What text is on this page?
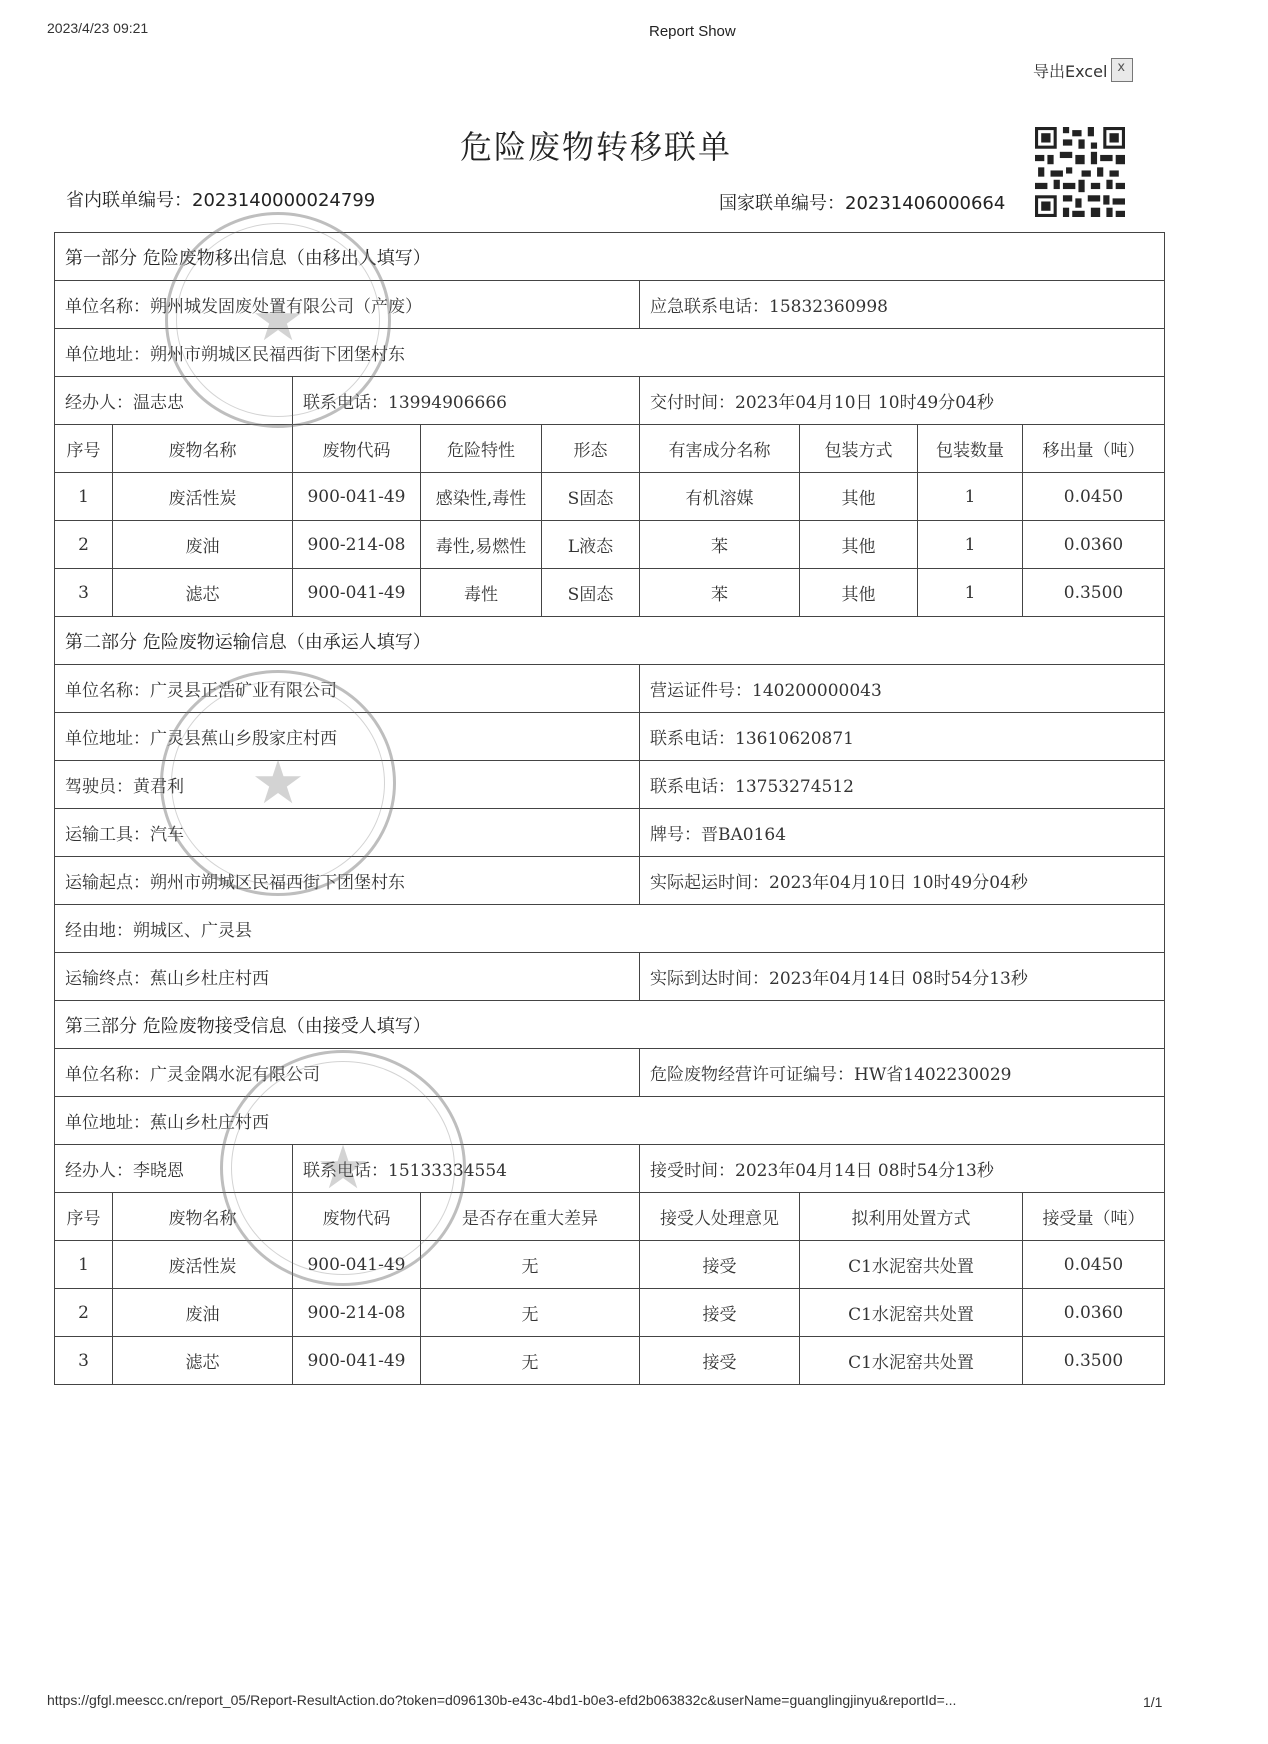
2023/4/23 09:21	Report Show
导出Excel
x
危险废物转移联单
省内联单编号：2023140000024799	国家联单编号：20231406000664
第一部分 危险废物移出信息（由移出人填写）								
单位名称：朔州城发固废处置有限公司（产废）					应急联系电话：15832360998			
单位地址：朔州市朔城区民福西街下团堡村东								
经办人：温志忠		联系电话：13994906666			交付时间：2023年04月10日 10时49分04秒			
序号	废物名称	废物代码	危险特性	形态	有害成分名称	包装方式	包装数量	移出量（吨）
1	废活性炭	900-041-49	感染性,毒性	S固态	有机溶媒	其他	1	0.0450
2	废油	900-214-08	毒性,易燃性	L液态	苯	其他	1	0.0360
3	滤芯	900-041-49	毒性	S固态	苯	其他	1	0.3500
第二部分 危险废物运输信息（由承运人填写）								
单位名称：广灵县正浩矿业有限公司					营运证件号：140200000043			
单位地址：广灵县蕉山乡殷家庄村西					联系电话：13610620871			
驾驶员：黄君利					联系电话：13753274512			
运输工具：汽车					牌号：晋BA0164			
运输起点：朔州市朔城区民福西街下团堡村东					实际起运时间：2023年04月10日 10时49分04秒			
经由地：朔城区、广灵县								
运输终点：蕉山乡杜庄村西					实际到达时间：2023年04月14日 08时54分13秒			
第三部分 危险废物接受信息（由接受人填写）								
单位名称：广灵金隅水泥有限公司					危险废物经营许可证编号：HW省1402230029			
单位地址：蕉山乡杜庄村西								
经办人：李晓恩		联系电话：15133334554			接受时间：2023年04月14日 08时54分13秒			
序号	废物名称	废物代码	是否存在重大差异		接受人处理意见	拟利用处置方式		接受量（吨）
1	废活性炭	900-041-49	无		接受	C1水泥窑共处置		0.0450
2	废油	900-214-08	无		接受	C1水泥窑共处置		0.0360
3	滤芯	900-041-49	无		接受	C1水泥窑共处置		0.3500
★
★
★
https://gfgl.meescc.cn/report_05/Report-ResultAction.do?token=d096130b-e43c-4bd1-b0e3-efd2b063832c&userName=guanglingjinyu&reportId=...	1/1
